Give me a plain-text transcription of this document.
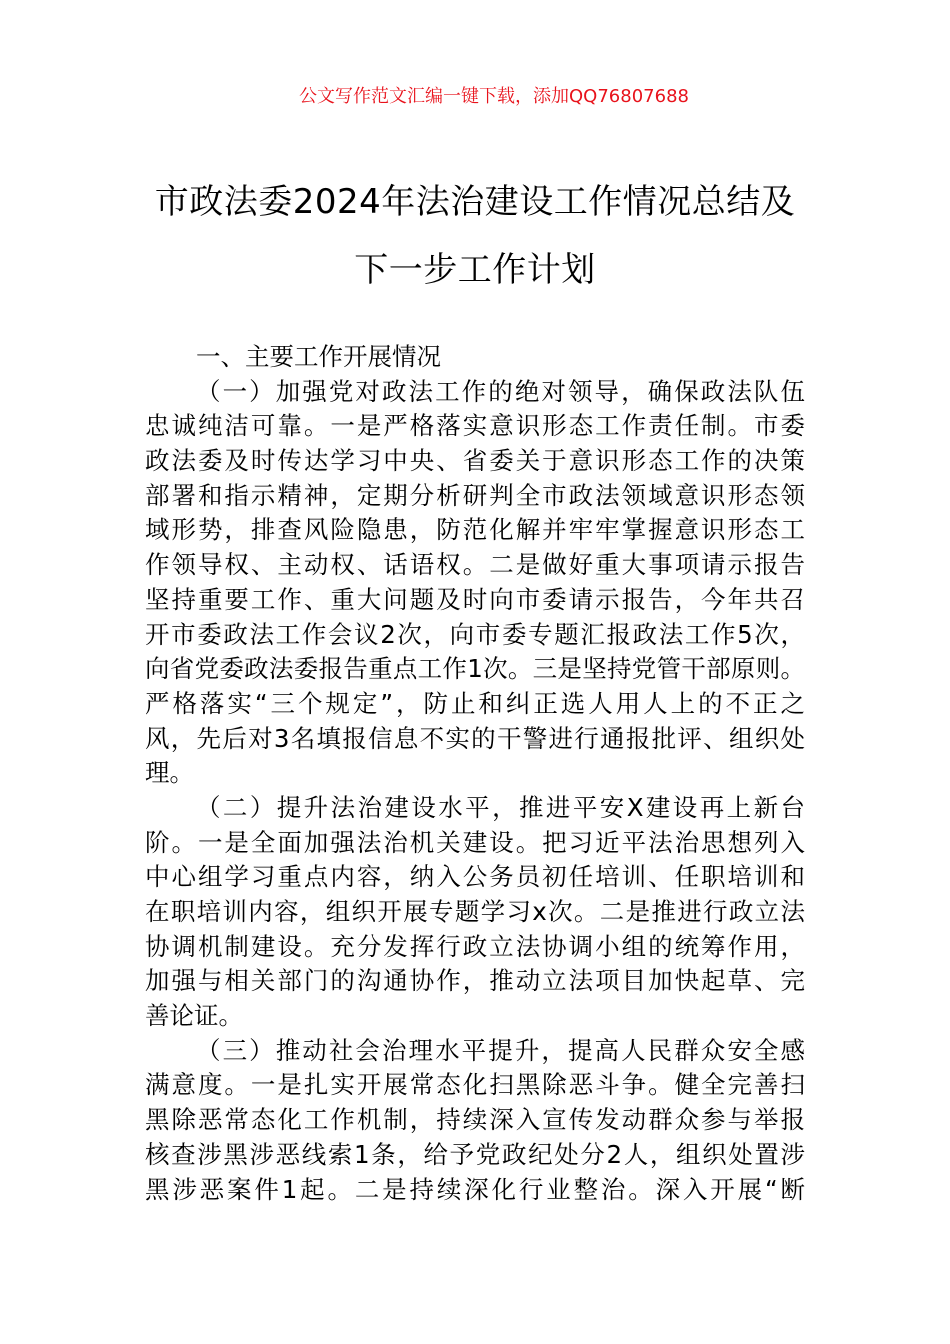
公文写作范文汇编一键下载，添加QQ76807688
市政法委2024年法治建设工作情况总结及
下一步工作计划
一、主要工作开展情况
（一）加强党对政法工作的绝对领导，确保政法队伍
忠诚纯洁可靠。一是严格落实意识形态工作责任制。市委
政法委及时传达学习中央、省委关于意识形态工作的决策
部署和指示精神，定期分析研判全市政法领域意识形态领
域形势，排查风险隐患，防范化解并牢牢掌握意识形态工
作领导权、主动权、话语权。二是做好重大事项请示报告
坚持重要工作、重大问题及时向市委请示报告，今年共召
开市委政法工作会议2次，向市委专题汇报政法工作5次，
向省党委政法委报告重点工作1次。三是坚持党管干部原则。
严格落实“三个规定”，防止和纠正选人用人上的不正之
风，先后对3名填报信息不实的干警进行通报批评、组织处
理。
（二）提升法治建设水平，推进平安X建设再上新台
阶。一是全面加强法治机关建设。把习近平法治思想列入
中心组学习重点内容，纳入公务员初任培训、任职培训和
在职培训内容，组织开展专题学习x次。二是推进行政立法
协调机制建设。充分发挥行政立法协调小组的统筹作用，
加强与相关部门的沟通协作，推动立法项目加快起草、完
善论证。
（三）推动社会治理水平提升，提高人民群众安全感
满意度。一是扎实开展常态化扫黑除恶斗争。健全完善扫
黑除恶常态化工作机制，持续深入宣传发动群众参与举报
核查涉黑涉恶线索1条，给予党政纪处分2人，组织处置涉
黑涉恶案件1起。二是持续深化行业整治。深入开展“断
